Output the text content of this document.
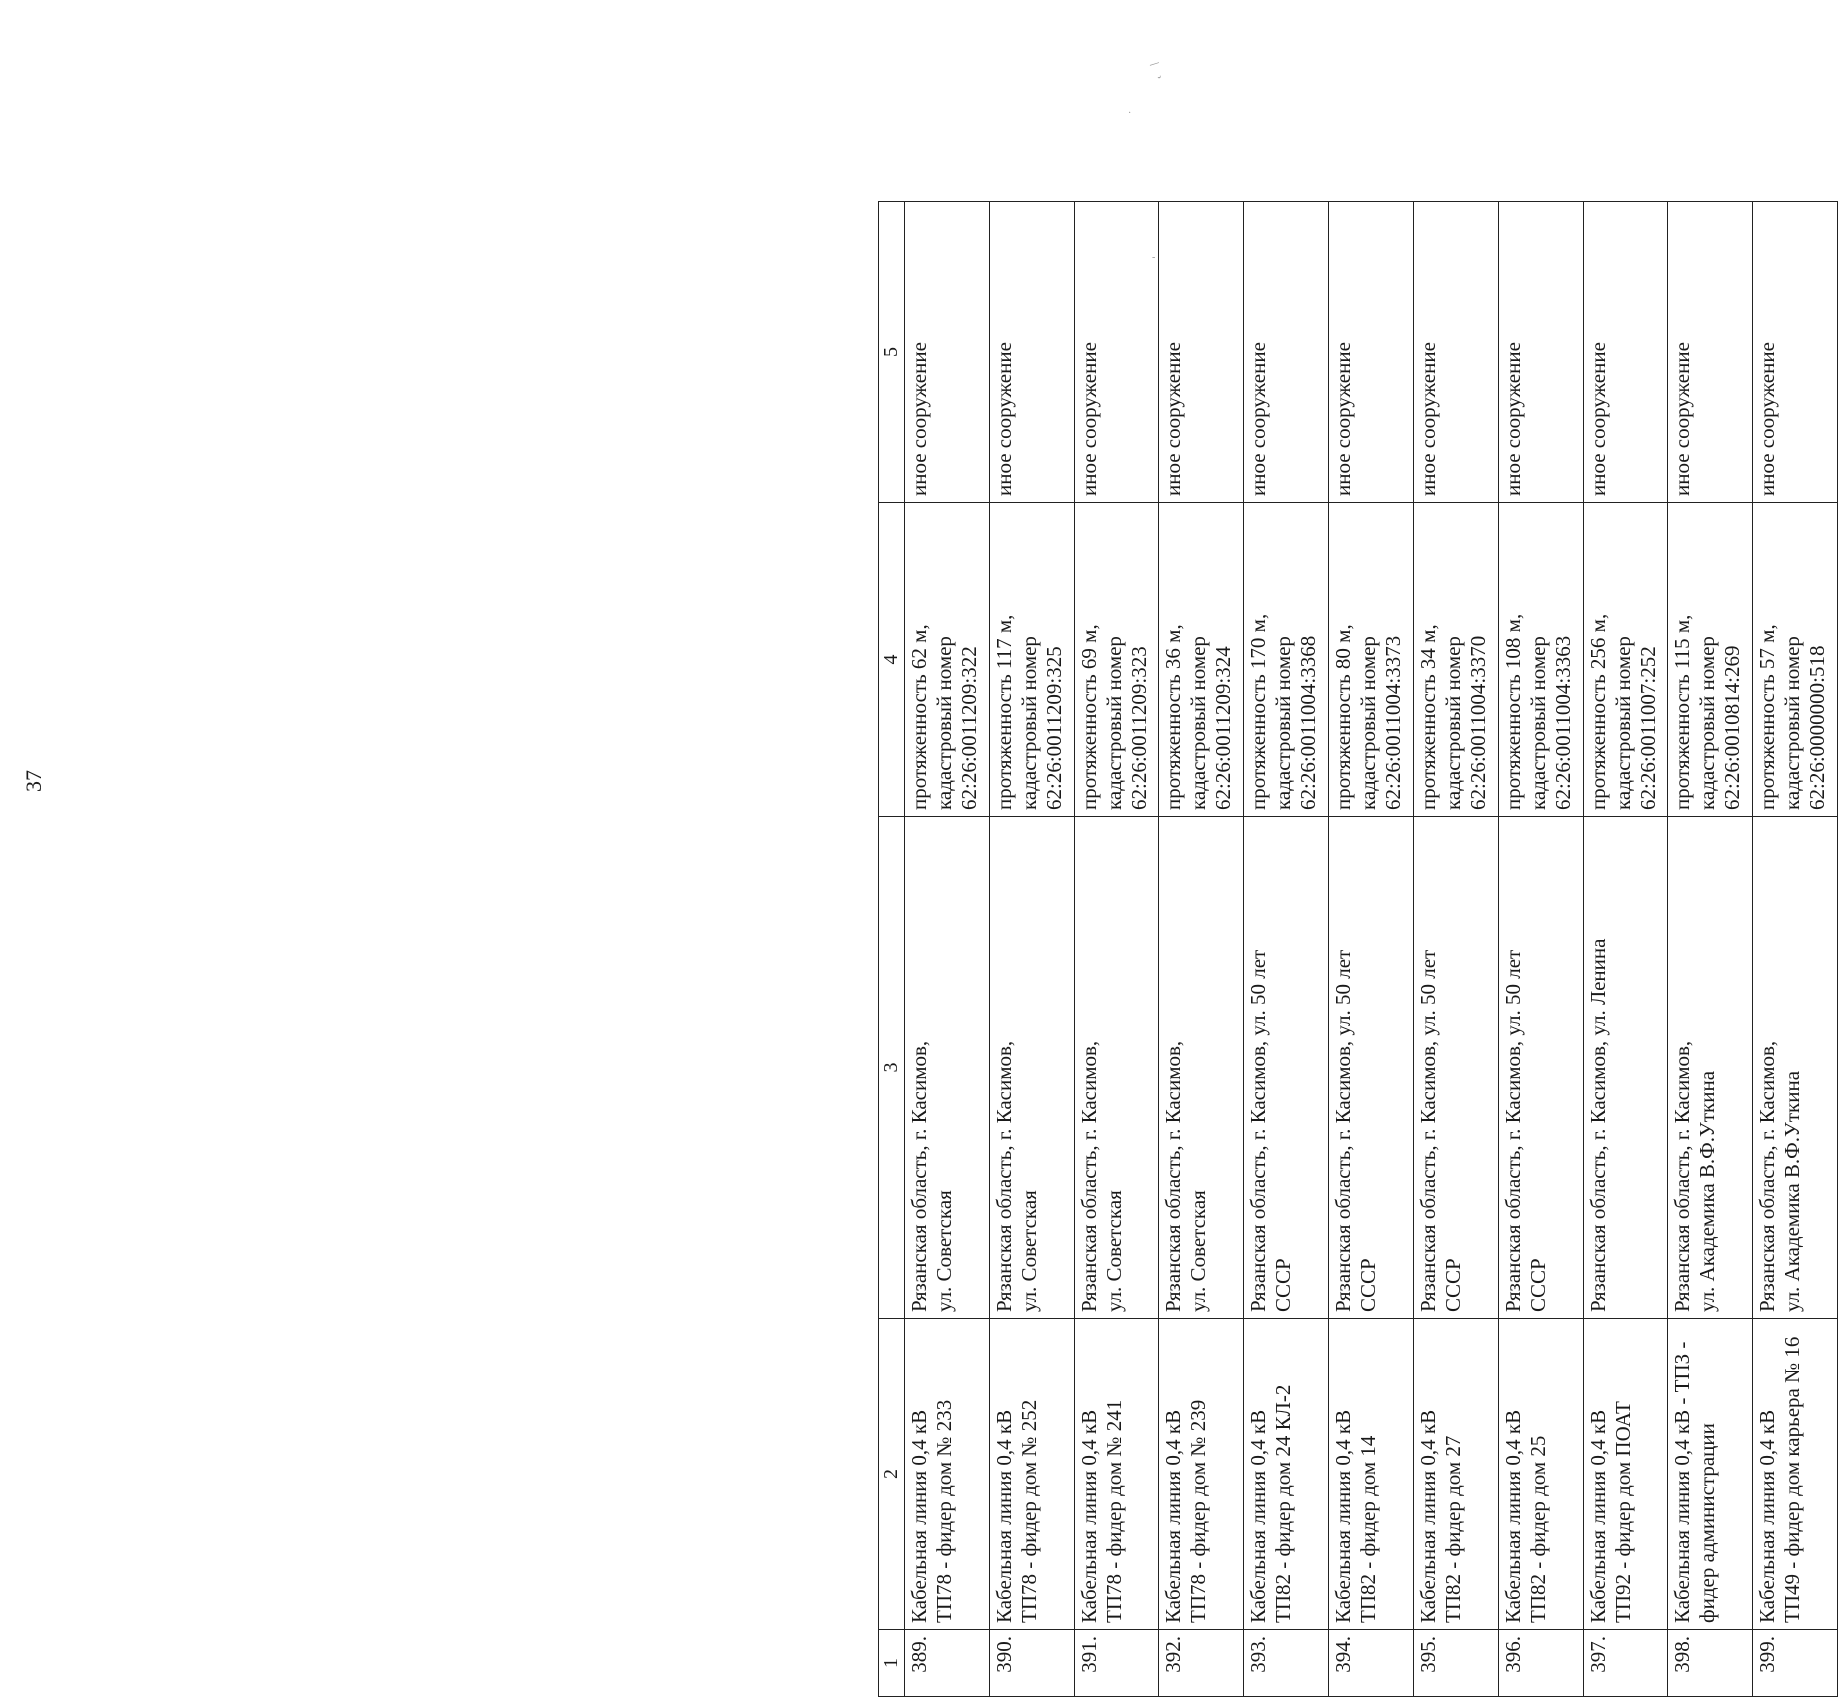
37
˛ ﹨
·
-
1	2	3	4	5
389.	Кабельная линия 0,4 кВ ТП78 - фидер дом № 233	Рязанская область, г. Касимов, ул. Советская	протяженность 62 м, кадастровый номер 62:26:0011209:322	иное сооружение
390.	Кабельная линия 0,4 кВ ТП78 - фидер дом № 252	Рязанская область, г. Касимов, ул. Советская	протяженность 117 м, кадастровый номер 62:26:0011209:325	иное сооружение
391.	Кабельная линия 0,4 кВ ТП78 - фидер дом № 241	Рязанская область, г. Касимов, ул. Советская	протяженность 69 м, кадастровый номер 62:26:0011209:323	иное сооружение
392.	Кабельная линия 0,4 кВ ТП78 - фидер дом № 239	Рязанская область, г. Касимов, ул. Советская	протяженность 36 м, кадастровый номер 62:26:0011209:324	иное сооружение
393.	Кабельная линия 0,4 кВ ТП82 - фидер дом 24 КЛ-2	Рязанская область, г. Касимов, ул. 50 лет СССР	протяженность 170 м, кадастровый номер 62:26:0011004:3368	иное сооружение
394.	Кабельная линия 0,4 кВ ТП82 - фидер дом 14	Рязанская область, г. Касимов, ул. 50 лет СССР	протяженность 80 м, кадастровый номер 62:26:0011004:3373	иное сооружение
395.	Кабельная линия 0,4 кВ ТП82 - фидер дом 27	Рязанская область, г. Касимов, ул. 50 лет СССР	протяженность 34 м, кадастровый номер 62:26:0011004:3370	иное сооружение
396.	Кабельная линия 0,4 кВ ТП82 - фидер дом 25	Рязанская область, г. Касимов, ул. 50 лет СССР	протяженность 108 м, кадастровый номер 62:26:0011004:3363	иное сооружение
397.	Кабельная линия 0,4 кВ ТП92 - фидер дом ПОАТ	Рязанская область, г. Касимов, ул. Ленина	протяженность 256 м, кадастровый номер 62:26:0011007:252	иное сооружение
398.	Кабельная линия 0,4 кВ - ТПЗ - фидер администрации	Рязанская область, г. Касимов, ул. Академика В.Ф.Уткина	протяженность 115 м, кадастровый номер 62:26:0010814:269	иное сооружение
399.	Кабельная линия 0,4 кВ ТП49 - фидер дом карьера № 16	Рязанская область, г. Касимов, ул. Академика В.Ф.Уткина	протяженность 57 м, кадастровый номер 62:26:0000000:518	иное сооружение
